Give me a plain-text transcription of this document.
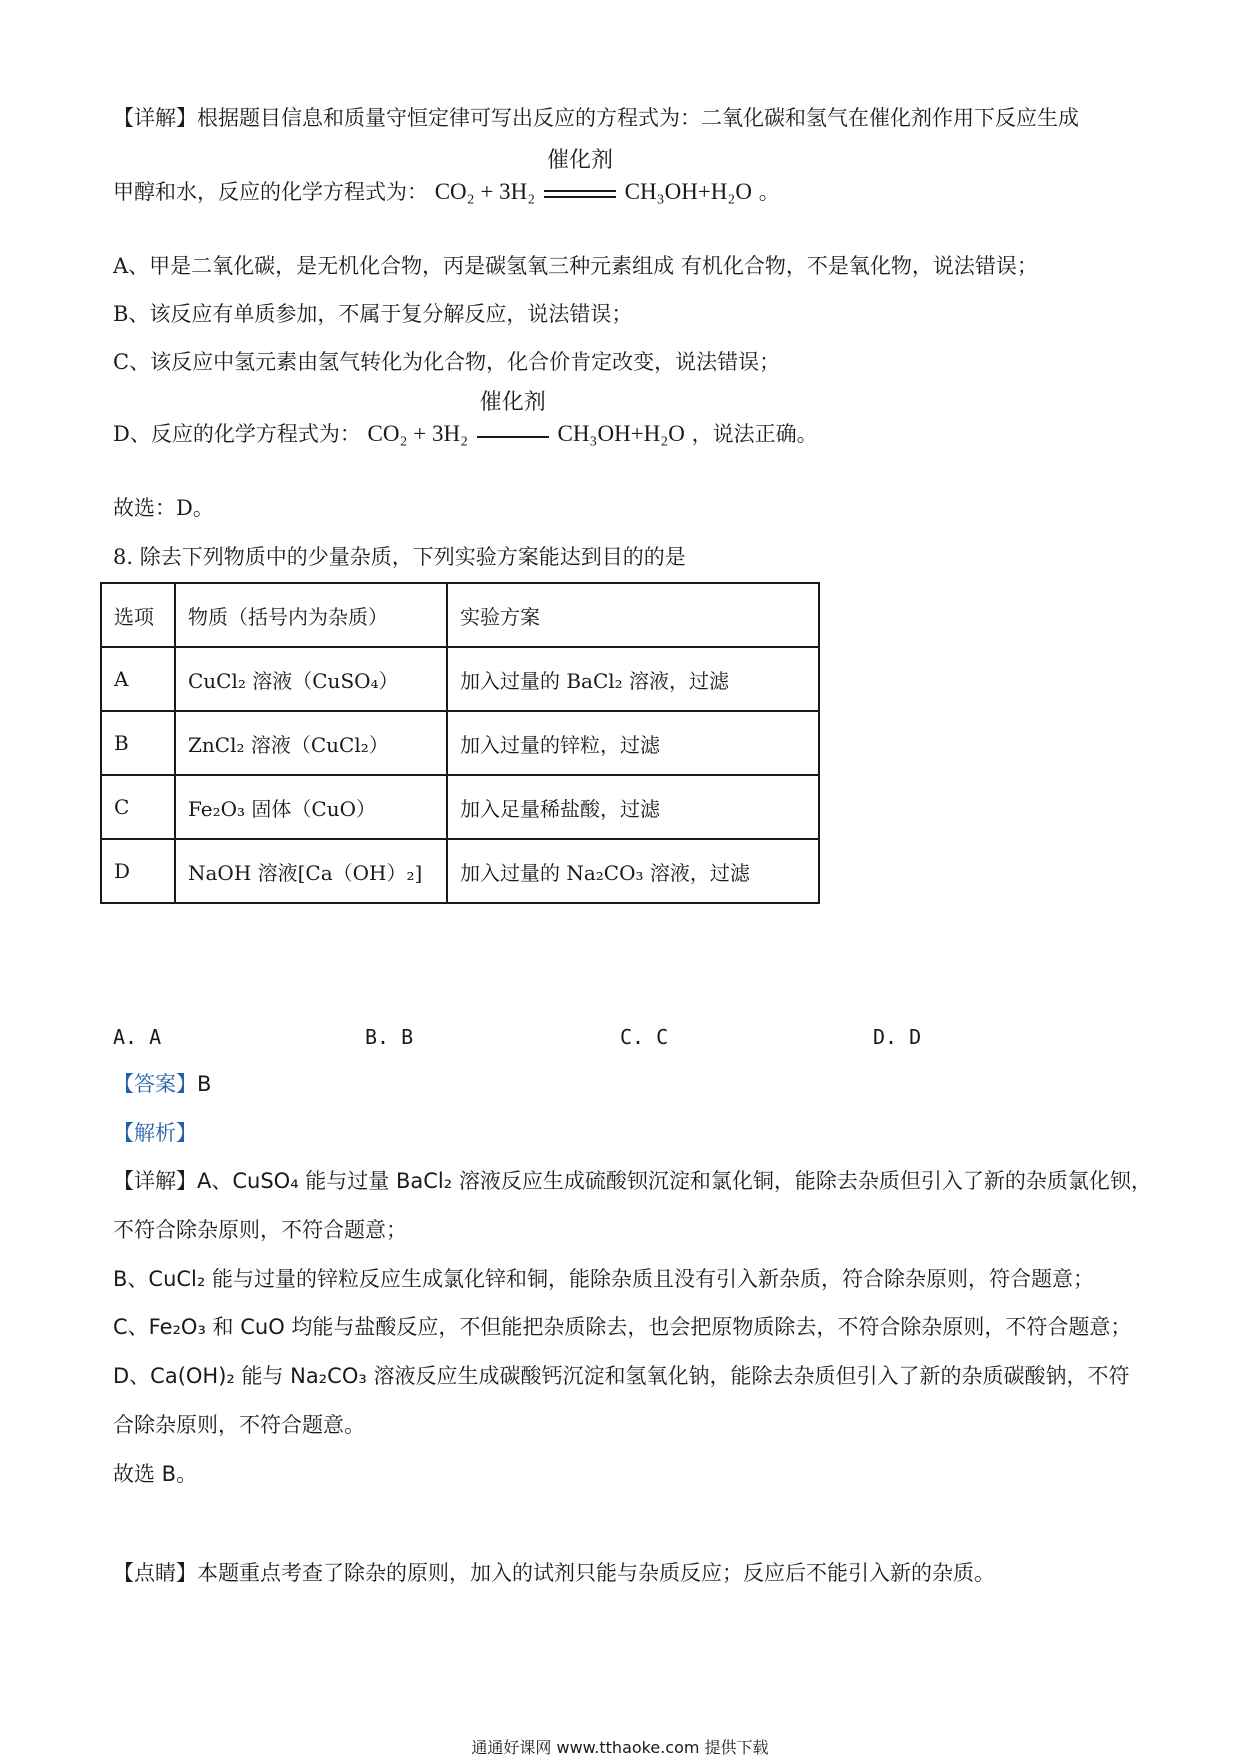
【详解】根据题目信息和质量守恒定律可写出反应的方程式为：二氧化碳和氢气在催化剂作用下反应生成
甲醇和水，反应的化学方程式为： CO₂ + 3H₂
催化剂
CH₃OH+H₂O 。
A、甲是二氧化碳，是无机化合物，丙是碳氢氧三种元素组成 有机化合物，不是氧化物，说法错误；
B、该反应有单质参加，不属于复分解反应，说法错误；
C、该反应中氢元素由氢气转化为化合物，化合价肯定改变，说法错误；
D、反应的化学方程式为： CO₂ + 3H₂
催化剂
CH₃OH+H₂O ，说法正确。
故选：D。
8. 除去下列物质中的少量杂质，下列实验方案能达到目的的是
选项	物质（括号内为杂质）	实验方案
A	CuCl₂ 溶液（CuSO₄）	加入过量的 BaCl₂ 溶液，过滤
B	ZnCl₂ 溶液（CuCl₂）	加入过量的锌粒，过滤
C	Fe₂O₃ 固体（CuO）	加入足量稀盐酸，过滤
D	NaOH 溶液[Ca（OH）₂]	加入过量的 Na₂CO₃ 溶液，过滤
A. A	B. B	C. C	D. D
【答案】B
【解析】
【详解】A、CuSO₄ 能与过量 BaCl₂ 溶液反应生成硫酸钡沉淀和氯化铜，能除去杂质但引入了新的杂质氯化钡，
不符合除杂原则，不符合题意；
B、CuCl₂ 能与过量的锌粒反应生成氯化锌和铜，能除杂质且没有引入新杂质，符合除杂原则，符合题意；
C、Fe₂O₃ 和 CuO 均能与盐酸反应，不但能把杂质除去，也会把原物质除去，不符合除杂原则，不符合题意；
D、Ca(OH)₂ 能与 Na₂CO₃ 溶液反应生成碳酸钙沉淀和氢氧化钠，能除去杂质但引入了新的杂质碳酸钠，不符
合除杂原则，不符合题意。
故选 B。
【点睛】本题重点考查了除杂的原则，加入的试剂只能与杂质反应；反应后不能引入新的杂质。
通通好课网 www.tthaoke.com 提供下载
